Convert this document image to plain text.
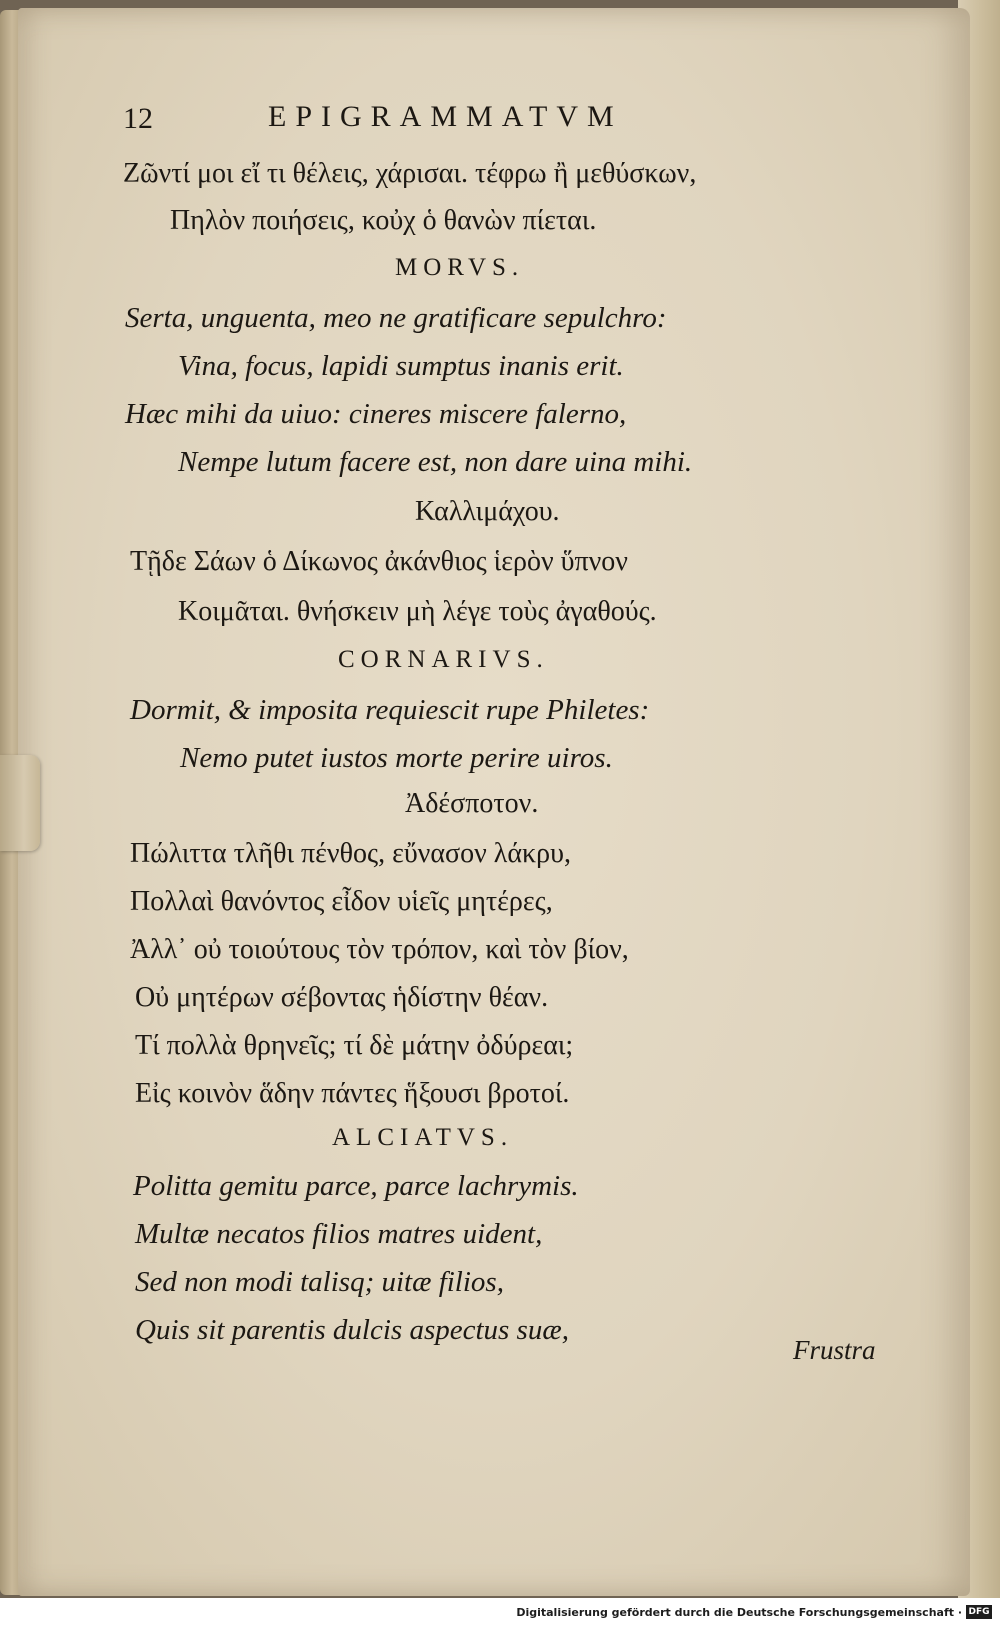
12	EPIGRAMMATVM
Ζῶντί μοι εἴ τι θέλεις, χάρισαι. τέφρω ἢ μεθύσκων,
Πηλὸν ποιήσεις, κοὐχ ὁ θανὼν πίεται.
MORVS.
Serta, unguenta, meo ne gratificare sepulchro:
Vina, focus, lapidi sumptus inanis erit.
Hæc mihi da uiuo: cineres miscere falerno,
Nempe lutum facere est, non dare uina mihi.
Καλλιμάχου.
Τῇδε Σάων ὁ Δίκωνος ἀκάνθιος ἱερὸν ὕπνον
Κοιμᾶται. θνήσκειν μὴ λέγε τοὺς ἀγαθούς.
CORNARIVS.
Dormit, & imposita requiescit rupe Philetes:
Nemo putet iustos morte perire uiros.
Ἀδέσποτον.
Πώλιττα τλῆθι πένθος, εὔνασον λάκρυ,
Πολλαὶ θανόντος εἶδον υἱεῖς μητέρες,
Ἀλλ᾽ οὐ τοιούτους τὸν τρόπον, καὶ τὸν βίον,
Οὐ μητέρων σέβοντας ἡδίστην θέαν.
Τί πολλὰ θρηνεῖς; τί δὲ μάτην ὀδύρεαι;
Εἰς κοινὸν ἅδην πάντες ἥξουσι βροτοί.
ALCIATVS.
Politta gemitu parce, parce lachrymis.
Multæ necatos filios matres uident,
Sed non modi talisq; uitæ filios,
Quis sit parentis dulcis aspectus suæ,
Frustra
Digitalisierung gefördert durch die Deutsche Forschungsgemeinschaft · DFG
